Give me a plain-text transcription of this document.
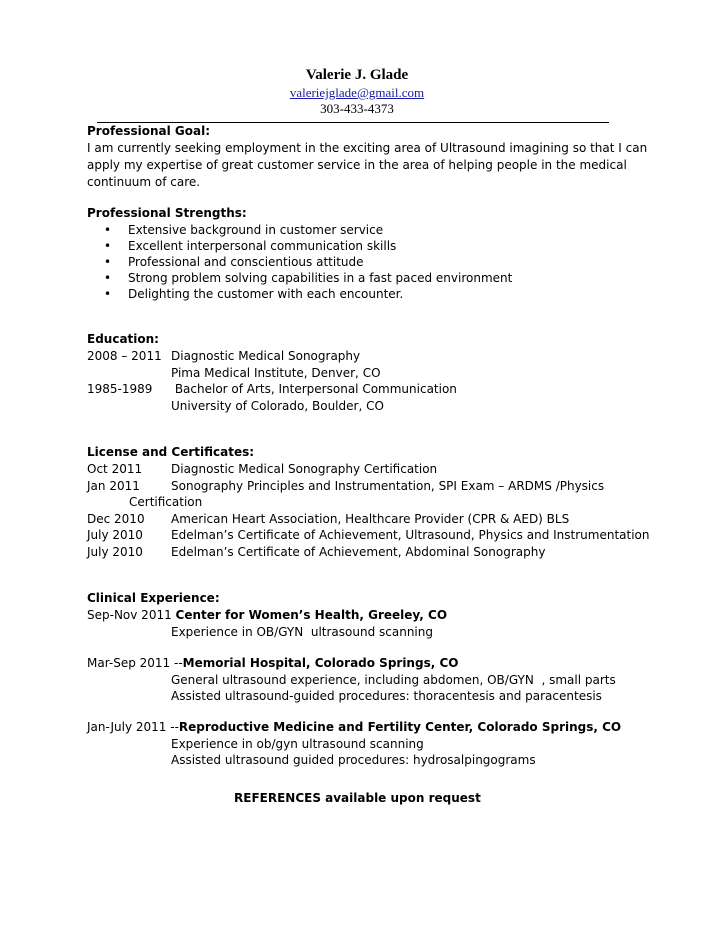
Valerie J. Glade
valeriejglade@gmail.com
303-433-4373

Professional Goal:

I am currently seeking employment in the exciting area of Ultrasound imagining so that I can apply my expertise of great customer service in the area of helping people in the medical continuum of care.

Professional Strengths:

• Extensive background in customer service
• Excellent interpersonal communication skills
• Professional and conscientious attitude
• Strong problem solving capabilities in a fast paced environment
• Delighting the customer with each encounter.

Education:

2008 – 2011 Diagnostic Medical Sonography
Pima Medical Institute, Denver, CO
1985-1989	Bachelor of Arts, Interpersonal Communication
University of Colorado, Boulder, CO

License and Certificates:

Oct 2011	Diagnostic Medical Sonography Certification
Jan 2011	Sonography Principles and Instrumentation, SPI Exam – ARDMS /Physics
Certification
Dec 2010	American Heart Association, Healthcare Provider (CPR & AED) BLS
July 2010	Edelman’s Certificate of Achievement, Ultrasound, Physics and Instrumentation
July 2010	Edelman’s Certificate of Achievement, Abdominal Sonography

Clinical Experience:

Sep-Nov 2011 Center for Women’s Health, Greeley, CO
Experience in OB/GYN  ultrasound scanning
Mar-Sep 2011 --Memorial Hospital, Colorado Springs, CO
General ultrasound experience, including abdomen, OB/GYN  , small parts
Assisted ultrasound-guided procedures: thoracentesis and paracentesis
Jan-July 2011 --Reproductive Medicine and Fertility Center, Colorado Springs, CO
Experience in ob/gyn ultrasound scanning
Assisted ultrasound guided procedures: hydrosalpingograms

REFERENCES available upon request
